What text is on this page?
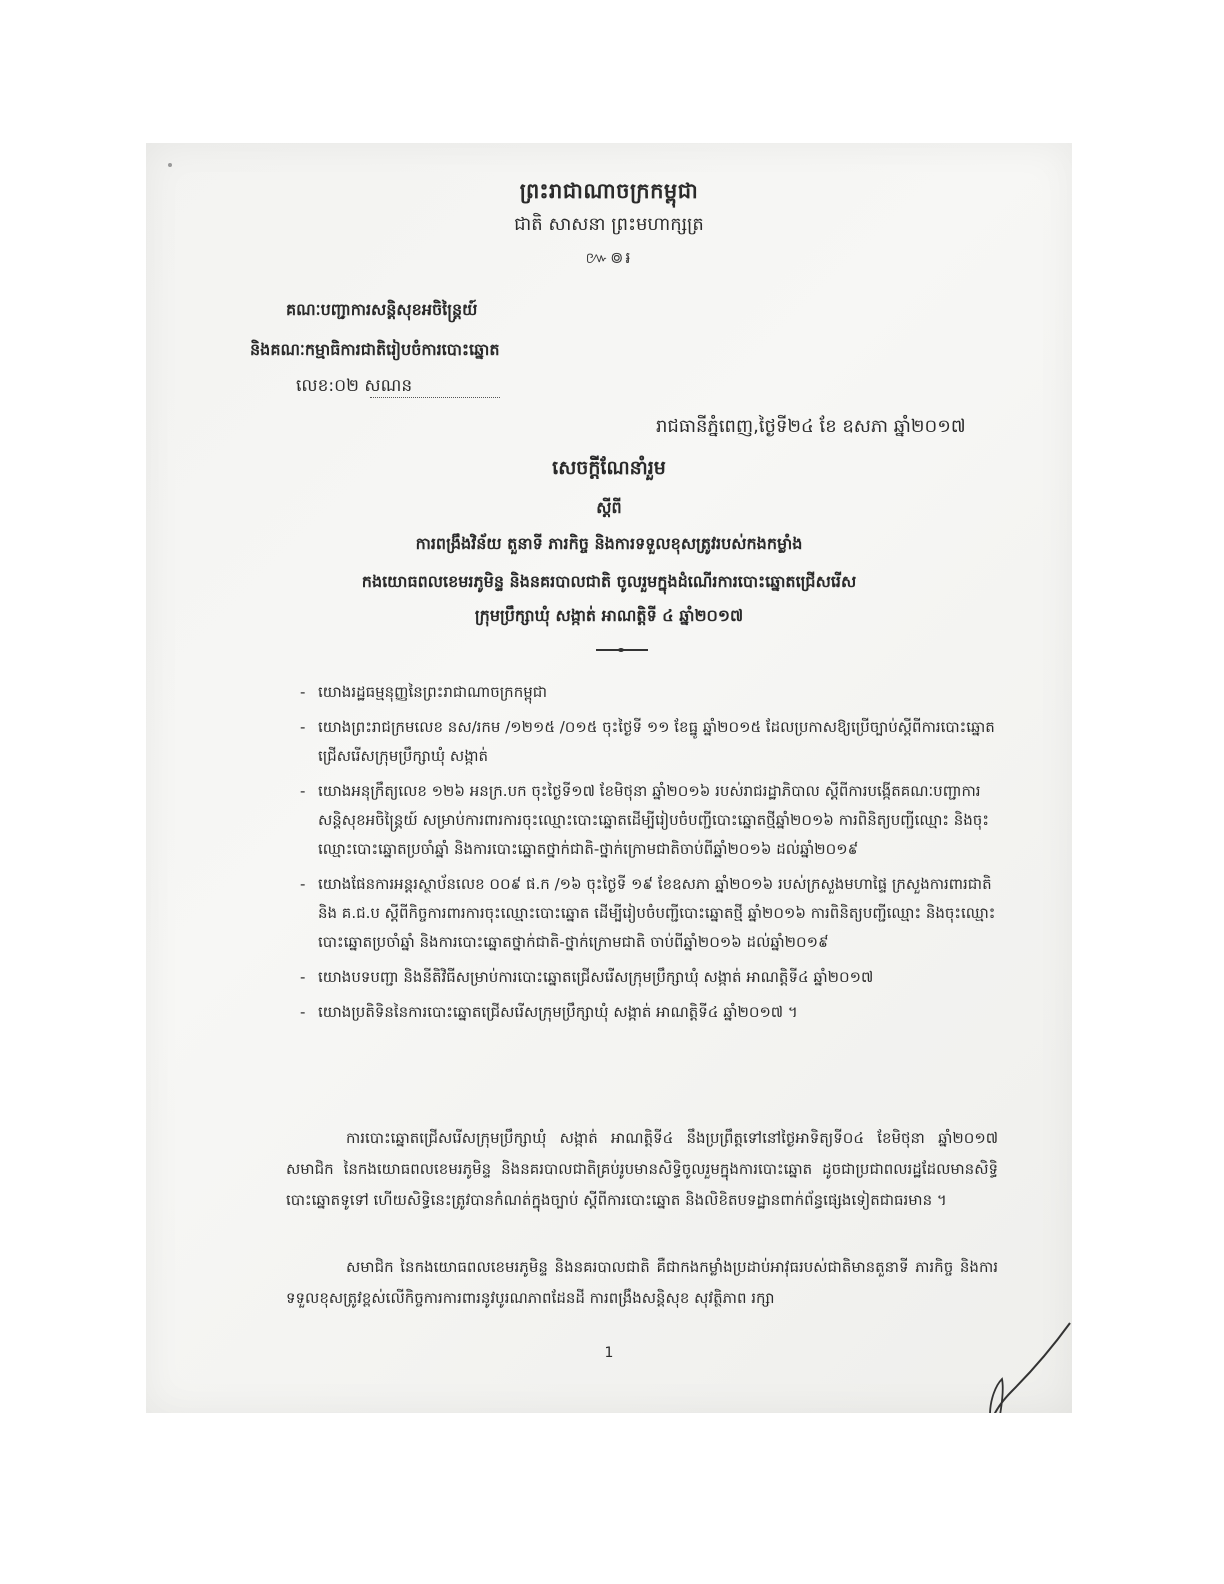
ព្រះរាជាណាចក្រកម្ពុជា
ជាតិ សាសនា ព្រះមហាក្សត្រ
៚៙៛
គណៈបញ្ជាការសន្តិសុខអចិន្ត្រៃយ៍
និងគណៈកម្មាធិការជាតិរៀបចំការបោះឆ្នោត
លេខ:០២ សណន
រាជធានីភ្នំពេញ,ថ្ងៃទី២៤ ខែ ឧសភា ឆ្នាំ២០១៧
សេចក្តីណែនាំរួម
ស្តីពី
ការពង្រឹងវិន័យ តួនាទី ភារកិច្ច និងការទទួលខុសត្រូវរបស់កងកម្លាំង
កងយោធពលខេមរភូមិន្ទ និងនគរបាលជាតិ ចូលរួមក្នុងដំណើរការបោះឆ្នោតជ្រើសរើស
ក្រុមប្រឹក្សាឃុំ សង្កាត់ អាណត្តិទី ៤ ឆ្នាំ២០១៧
- យោងរដ្ឋធម្មនុញ្ញនៃព្រះរាជាណាចក្រកម្ពុជា
- យោងព្រះរាជក្រមលេខ នស/រកម /១២១៥ /០១៥ ចុះថ្ងៃទី ១១ ខែធ្នូ ឆ្នាំ២០១៥ ដែលប្រកាសឱ្យប្រើច្បាប់ស្តីពីការបោះឆ្នោតជ្រើសរើសក្រុមប្រឹក្សាឃុំ សង្កាត់
- យោងអនុក្រឹត្យលេខ ១២៦ អនក្រ.បក ចុះថ្ងៃទី១៧ ខែមិថុនា ឆ្នាំ២០១៦ របស់រាជរដ្ឋាភិបាល ស្តីពីការបង្កើតគណៈបញ្ជាការសន្តិសុខអចិន្ត្រៃយ៍ សម្រាប់ការពារការចុះឈ្មោះបោះឆ្នោតដើម្បីរៀបចំបញ្ជីបោះឆ្នោតថ្មីឆ្នាំ២០១៦ ការពិនិត្យបញ្ជីឈ្មោះ និងចុះឈ្មោះបោះឆ្នោតប្រចាំឆ្នាំ និងការបោះឆ្នោតថ្នាក់ជាតិ-ថ្នាក់ក្រោមជាតិចាប់ពីឆ្នាំ២០១៦ ដល់ឆ្នាំ២០១៩
- យោងផែនការអន្តរស្ថាប័នលេខ ០០៩ ផ.ក /១៦ ចុះថ្ងៃទី ១៩ ខែឧសភា ឆ្នាំ២០១៦ របស់ក្រសួងមហាផ្ទៃ ក្រសួងការពារជាតិ និង គ.ជ.ប ស្តីពីកិច្ចការពារការចុះឈ្មោះបោះឆ្នោត ដើម្បីរៀបចំបញ្ជីបោះឆ្នោតថ្មី ឆ្នាំ២០១៦ ការពិនិត្យបញ្ជីឈ្មោះ និងចុះឈ្មោះបោះឆ្នោតប្រចាំឆ្នាំ និងការបោះឆ្នោតថ្នាក់ជាតិ-ថ្នាក់ក្រោមជាតិ ចាប់ពីឆ្នាំ២០១៦ ដល់ឆ្នាំ២០១៩
- យោងបទបញ្ជា និងនីតិវិធីសម្រាប់ការបោះឆ្នោតជ្រើសរើសក្រុមប្រឹក្សាឃុំ សង្កាត់ អាណត្តិទី៤ ឆ្នាំ២០១៧
- យោងប្រតិទិននៃការបោះឆ្នោតជ្រើសរើសក្រុមប្រឹក្សាឃុំ សង្កាត់ អាណត្តិទី៤ ឆ្នាំ២០១៧ ។

ការបោះឆ្នោតជ្រើសរើសក្រុមប្រឹក្សាឃុំ សង្កាត់ អាណត្តិទី៤ នឹងប្រព្រឹត្តទៅនៅថ្ងៃអាទិត្យទី០៤ ខែមិថុនា ឆ្នាំ២០១៧ សមាជិក នៃកងយោធពលខេមរភូមិន្ទ និងនគរបាលជាតិគ្រប់រូបមានសិទ្ធិចូលរួមក្នុងការបោះឆ្នោត ដូចជាប្រជាពលរដ្ឋដែលមានសិទ្ធិបោះឆ្នោតទូទៅ ហើយសិទ្ធិនេះត្រូវបានកំណត់ក្នុងច្បាប់ ស្តីពីការបោះឆ្នោត និងលិខិតបទដ្ឋានពាក់ព័ន្ធផ្សេងទៀតជាធរមាន ។

សមាជិក នៃកងយោធពលខេមរភូមិន្ទ និងនគរបាលជាតិ គឺជាកងកម្លាំងប្រដាប់អាវុធរបស់ជាតិមានតួនាទី ភារកិច្ច និងការទទួលខុសត្រូវខ្ពស់លើកិច្ចការការពារនូវបូរណភាពដែនដី ការពង្រឹងសន្តិសុខ សុវត្ថិភាព រក្សា

1
